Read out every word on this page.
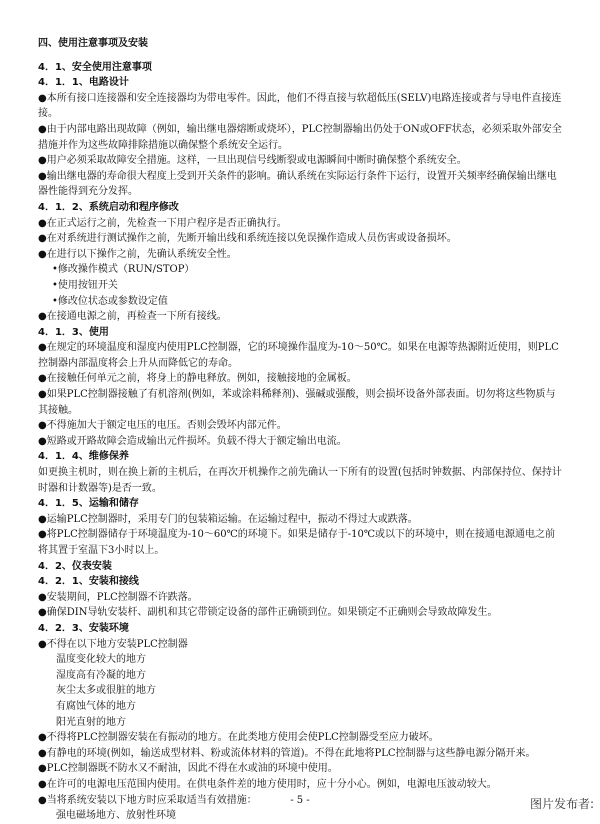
四、使用注意事项及安装
4．1、安全使用注意事项
4．1．1、电路设计

●本所有接口连接器和安全连接器均为带电零件。因此，他们不得直接与软超低压(SELV)电路连接或者与导电件直接连接。

●由于内部电路出现故障（例如，输出继电器熔断或烧坏），PLC控制器输出仍处于ON或OFF状态，必须采取外部安全措施并作为这些故障排除措施以确保整个系统安全运行。

●用户必须采取故障安全措施。这样，一旦出现信号线断裂或电源瞬间中断时确保整个系统安全。

●输出继电器的寿命很大程度上受到开关条件的影响。确认系统在实际运行条件下运行，设置开关频率经确保输出继电器性能得到充分发挥。

4．1．2、系统启动和程序修改

●在正式运行之前，先检查一下用户程序是否正确执行。

●在对系统进行测试操作之前，先断开输出线和系统连接以免误操作造成人员伤害或设备损坏。

●在进行以下操作之前，先确认系统安全性。

•修改操作模式（RUN/STOP）

•使用按钮开关

•修改位状态或参数设定值

●在接通电源之前，再检查一下所有接线。

4．1．3、使用

●在规定的环境温度和湿度内使用PLC控制器，它的环境操作温度为-10～50℃。如果在电源等热源附近使用，则PLC控制器内部温度将会上升从而降低它的寿命。

●在接触任何单元之前，将身上的静电释放。例如，接触接地的金属板。

●如果PLC控制器接触了有机溶剂(例如，苯或涂料稀释剂)、强碱或强酸，则会损坏设备外部表面。切勿将这些物质与其接触。

●不得施加大于额定电压的电压。否则会毁坏内部元件。

●短路或开路故障会造成输出元件损坏。负载不得大于额定输出电流。

4．1．4、维修保养

如更换主机时，则在换上新的主机后，在再次开机操作之前先确认一下所有的设置(包括时钟数据、内部保持位、保持计时器和计数器等)是否一致。

4．1．5、运输和储存

●运输PLC控制器时，采用专门的包装箱运输。在运输过程中，振动不得过大或跌落。

●将PLC控制器储存于环境温度为-10～60℃的环境下。如果是储存于-10℃或以下的环境中，则在接通电源通电之前将其置于室温下3小时以上。

4．2、仪表安装
4．2．1、安装和接线

●安装期间，PLC控制器不许跌落。

●确保DIN导轨安装杆、副机和其它带锁定设备的部件正确锁到位。如果锁定不正确则会导致故障发生。

4．2．3、安装环境

●不得在以下地方安装PLC控制器

温度变化较大的地方

湿度高有冷凝的地方

灰尘太多或很脏的地方

有腐蚀气体的地方

阳光直射的地方

●不得将PLC控制器安装在有振动的地方。在此类地方使用会使PLC控制器受至应力破坏。

●有静电的环境(例如，输送成型材料、粉或流体材料的管道)。不得在此地将PLC控制器与这些静电源分隔开来。

●PLC控制器既不防水又不耐油，因此不得在水或油的环境中使用。

●在许可的电源电压范围内使用。在供电条件差的地方使用时，应十分小心。例如，电源电压波动较大。

●当将系统安装以下地方时应采取适当有效措施：

强电磁场地方、放射性环境

- 5 -	图片发布者:
